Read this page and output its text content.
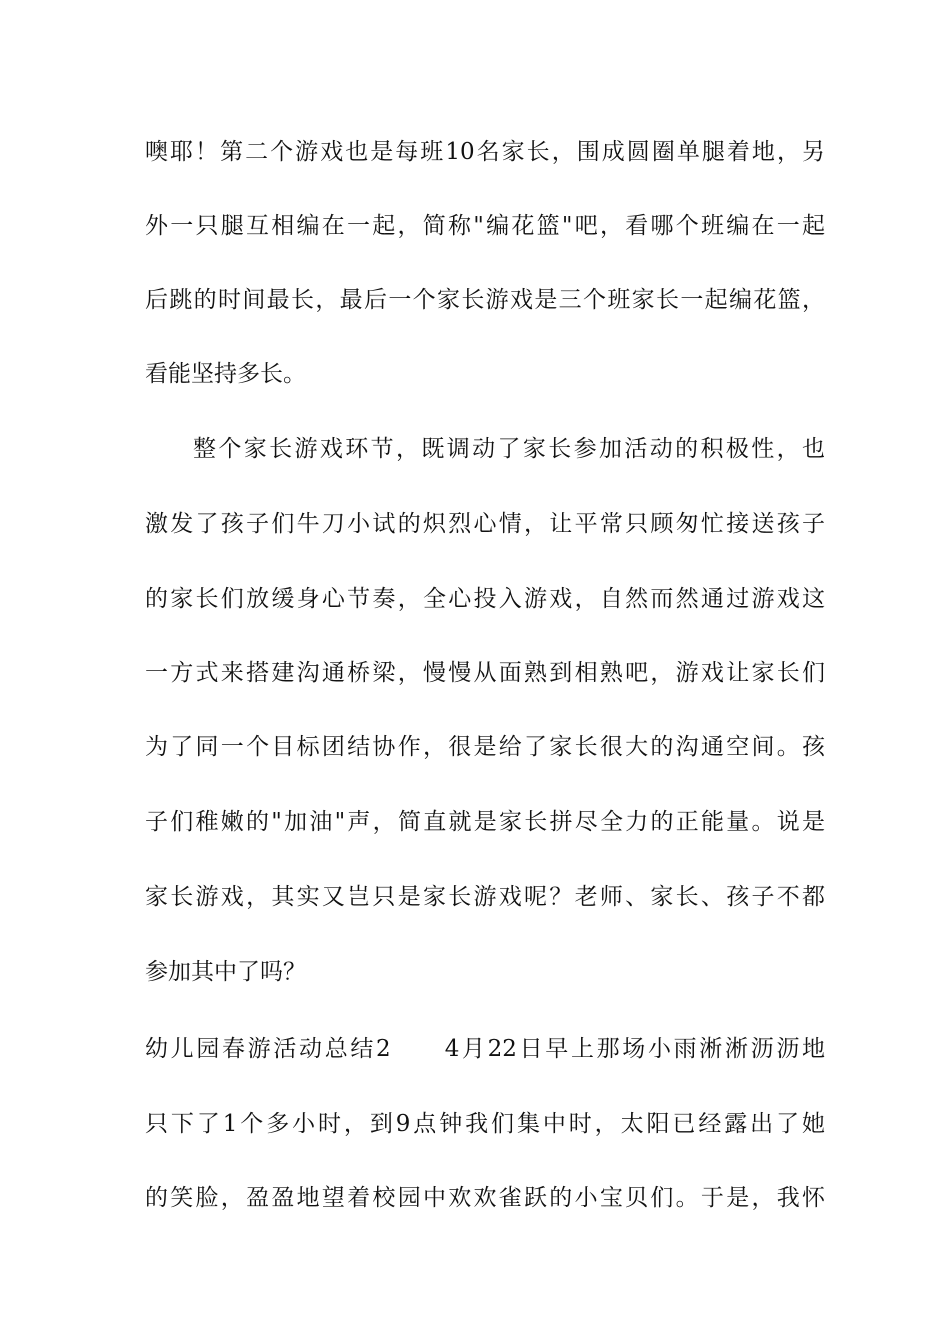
噢耶！第二个游戏也是每班10名家长，围成圆圈单腿着地，另
外一只腿互相编在一起，简称"编花篮"吧，看哪个班编在一起
后跳的时间最长，最后一个家长游戏是三个班家长一起编花篮，
看能坚持多长。
整个家长游戏环节，既调动了家长参加活动的积极性，也
激发了孩子们牛刀小试的炽烈心情，让平常只顾匆忙接送孩子
的家长们放缓身心节奏，全心投入游戏，自然而然通过游戏这
一方式来搭建沟通桥梁，慢慢从面熟到相熟吧，游戏让家长们
为了同一个目标团结协作，很是给了家长很大的沟通空间。孩
子们稚嫩的"加油"声，简直就是家长拼尽全力的正能量。说是
家长游戏，其实又岂只是家长游戏呢？老师、家长、孩子不都
参加其中了吗？
幼儿园春游活动总结2　　4月22日早上那场小雨淅淅沥沥地
只下了1个多小时，到9点钟我们集中时，太阳已经露出了她
的笑脸，盈盈地望着校园中欢欢雀跃的小宝贝们。于是，我怀
